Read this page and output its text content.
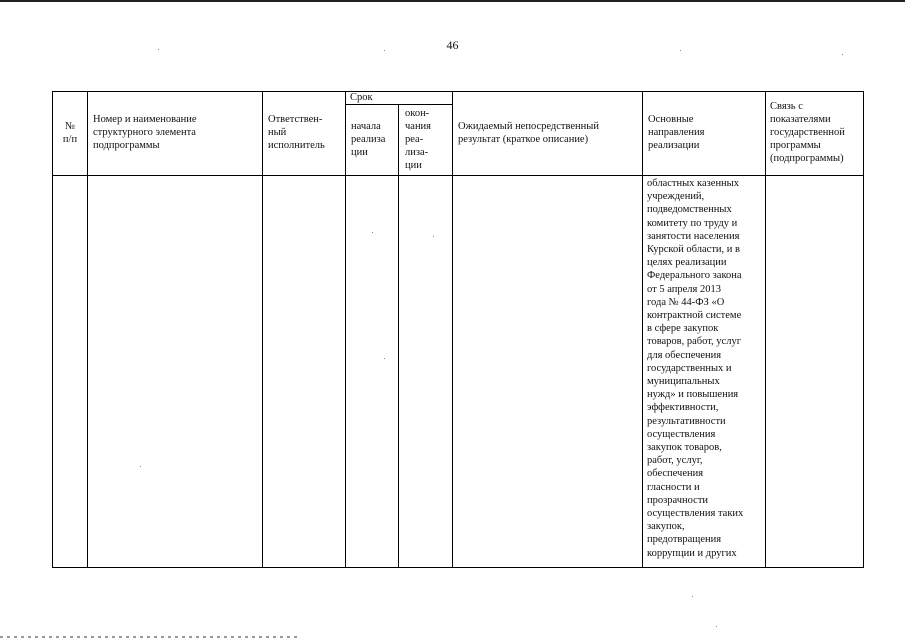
46
№
п/п
Номер и наименование
структурного элемента
подпрограммы
Ответствен-
ный
исполнитель
Срок
начала
реализа
ции
окон-
чания
реа-
лиза-
ции
Ожидаемый непосредственный
результат (краткое описание)
Основные
направления
реализации
Связь с
показателями
государственной
программы
(подпрограммы)
областных казенных
учреждений,
подведомственных
комитету по труду и
занятости населения
Курской области, и в
целях реализации
Федерального закона
от 5 апреля 2013
года № 44-ФЗ «О
контрактной системе
в сфере закупок
товаров, работ, услуг
для обеспечения
государственных и
муниципальных
нужд» и повышения
эффективности,
результативности
осуществления
закупок товаров,
работ, услуг,
обеспечения
гласности и
прозрачности
осуществления таких
закупок,
предотвращения
коррупции и других
